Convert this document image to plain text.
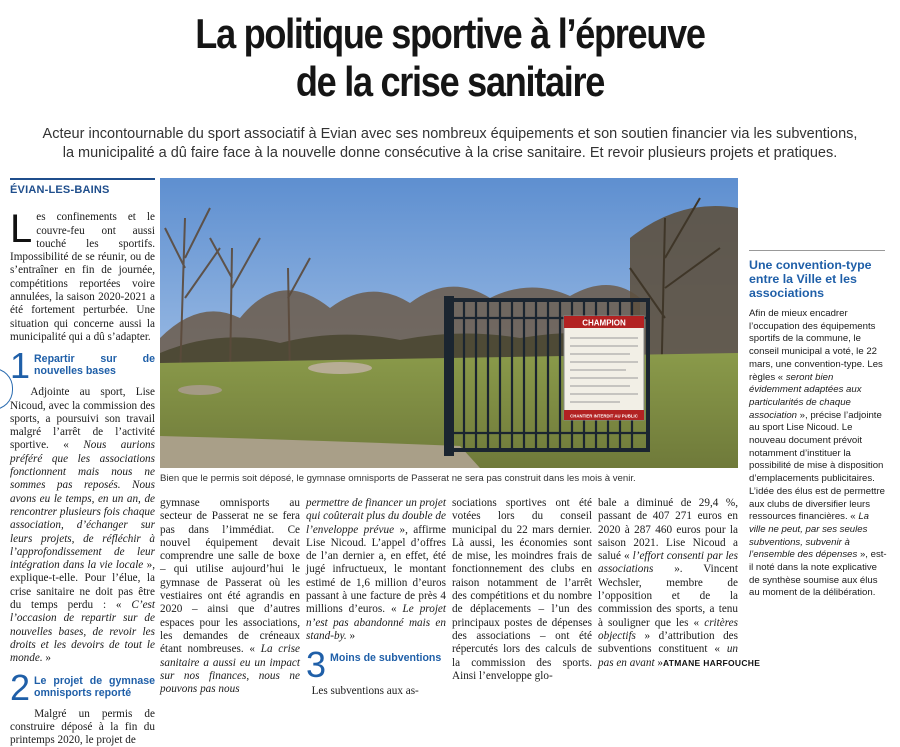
La politique sportive à l’épreuve
de la crise sanitaire
Acteur incontournable du sport associatif à Evian avec ses nombreux équipements et son soutien financier via les subventions,
la municipalité a dû faire face à la nouvelle donne consécutive à la crise sanitaire. Et revoir plusieurs projets et pratiques.
ÉVIAN-LES-BAINS

Les confinements et le couvre-feu ont aussi touché les sportifs. Impossibilité de se réunir, ou de s’entraîner en fin de journée, compétitions reportées voire annulées, la saison 2020-2021 a été fortement perturbée. Une situation qui concerne aussi la municipalité qui a dû s’adapter.

1 Repartir sur de nouvelles bases

Adjointe au sport, Lise Nicoud, avec la commission des sports, a poursuivi son travail malgré l’arrêt de l’activité sportive. « Nous aurions préféré que les associations fonctionnent mais nous ne sommes pas reposés. Nous avons eu le temps, en un an, de rencontrer plusieurs fois chaque association, d’échanger sur leurs projets, de réfléchir à l’approfondissement de leur intégration dans la vie locale », explique-t-elle. Pour l’élue, la crise sanitaire ne doit pas être du temps perdu : « C’est l’occasion de repartir sur de nouvelles bases, de revoir les droits et les devoirs de tout le monde. »

2 Le projet de gymnase omnisports reporté

Malgré un permis de construire déposé à la fin du printemps 2020, le projet de

CHAMPION
CHANTIER INTERDIT AU PUBLIC
Bien que le permis soit déposé, le gymnase omnisports de Passerat ne sera pas construit dans les mois à venir.

gymnase omnisports au secteur de Passerat ne se fera pas dans l’immédiat. Ce nouvel équipement devait comprendre une salle de boxe – qui utilise aujourd’hui le gymnase de Passerat où les vestiaires ont été agrandis en 2020 – ainsi que d’autres espaces pour les associations, les demandes de créneaux étant nombreuses. « La crise sanitaire a aussi eu un impact sur nos finances, nous ne pouvons pas nous

permettre de financer un projet qui coûterait plus du double de l’enveloppe prévue », affirme Lise Nicoud. L’appel d’offres de l’an dernier a, en effet, été jugé infructueux, le montant estimé de 1,6 million d’euros passant à une facture de près 4 millions d’euros. « Le projet n’est pas abandonné mais en stand-by. »

3 Moins de subventions

Les subventions aux as-

sociations sportives ont été votées lors du conseil municipal du 22 mars dernier. Là aussi, les économies sont de mise, les moindres frais de fonctionnement des clubs en raison notamment de l’arrêt des compétitions et du nombre de déplacements – l’un des principaux postes de dépenses des associations – ont été répercutés lors des calculs de la commission des sports. Ainsi l’enveloppe glo-

bale a diminué de 29,4 %, passant de 407 271 euros en 2020 à 287 460 euros pour la saison 2021. Lise Nicoud a salué « l’effort consenti par les associations ». Vincent Wechsler, membre de l’opposition et de la commission des sports, a tenu à souligner que les « critères objectifs » d’attribution des subventions constituent « un pas en avant ».

ATMANE HARFOUCHE
Une convention-type entre la Ville et les associations

Afin de mieux encadrer l’occupation des équipements sportifs de la commune, le conseil municipal a voté, le 22 mars, une convention-type. Les règles « seront bien évidemment adaptées aux particularités de chaque association », précise l’adjointe au sport Lise Nicoud. Le nouveau document prévoit notamment d’instituer la possibilité de mise à disposition d’emplacements publicitaires. L’idée des élus est de permettre aux clubs de diversifier leurs ressources financières. « La ville ne peut, par ses seules subventions, subvenir à l’ensemble des dépenses », est-il noté dans la note explicative de synthèse soumise aux élus au moment de la délibération.
